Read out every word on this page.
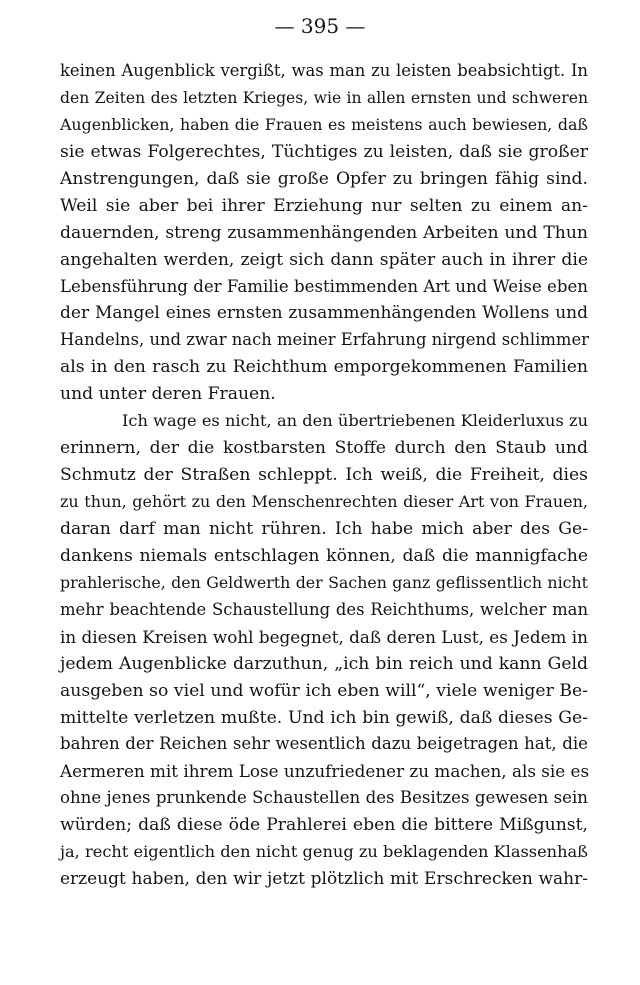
— 395 —
keinen Augenblick vergißt, was man zu leisten beabsichtigt. In
den Zeiten des letzten Krieges, wie in allen ernsten und schweren
Augenblicken, haben die Frauen es meistens auch bewiesen, daß
sie etwas Folgerechtes, Tüchtiges zu leisten, daß sie großer
Anstrengungen, daß sie große Opfer zu bringen fähig sind.
Weil sie aber bei ihrer Erziehung nur selten zu einem an-
dauernden, streng zusammenhängenden Arbeiten und Thun
angehalten werden, zeigt sich dann später auch in ihrer die
Lebensführung der Familie bestimmenden Art und Weise eben
der Mangel eines ernsten zusammenhängenden Wollens und
Handelns, und zwar nach meiner Erfahrung nirgend schlimmer
als in den rasch zu Reichthum emporgekommenen Familien
und unter deren Frauen.
Ich wage es nicht, an den übertriebenen Kleiderluxus zu
erinnern, der die kostbarsten Stoffe durch den Staub und
Schmutz der Straßen schleppt. Ich weiß, die Freiheit, dies
zu thun, gehört zu den Menschenrechten dieser Art von Frauen,
daran darf man nicht rühren. Ich habe mich aber des Ge-
dankens niemals entschlagen können, daß die mannigfache
prahlerische, den Geldwerth der Sachen ganz geflissentlich nicht
mehr beachtende Schaustellung des Reichthums, welcher man
in diesen Kreisen wohl begegnet, daß deren Lust, es Jedem in
jedem Augenblicke darzuthun, „ich bin reich und kann Geld
ausgeben so viel und wofür ich eben will“, viele weniger Be-
mittelte verletzen mußte. Und ich bin gewiß, daß dieses Ge-
bahren der Reichen sehr wesentlich dazu beigetragen hat, die
Aermeren mit ihrem Lose unzufriedener zu machen, als sie es
ohne jenes prunkende Schaustellen des Besitzes gewesen sein
würden; daß diese öde Prahlerei eben die bittere Mißgunst,
ja, recht eigentlich den nicht genug zu beklagenden Klassenhaß
erzeugt haben, den wir jetzt plötzlich mit Erschrecken wahr-
